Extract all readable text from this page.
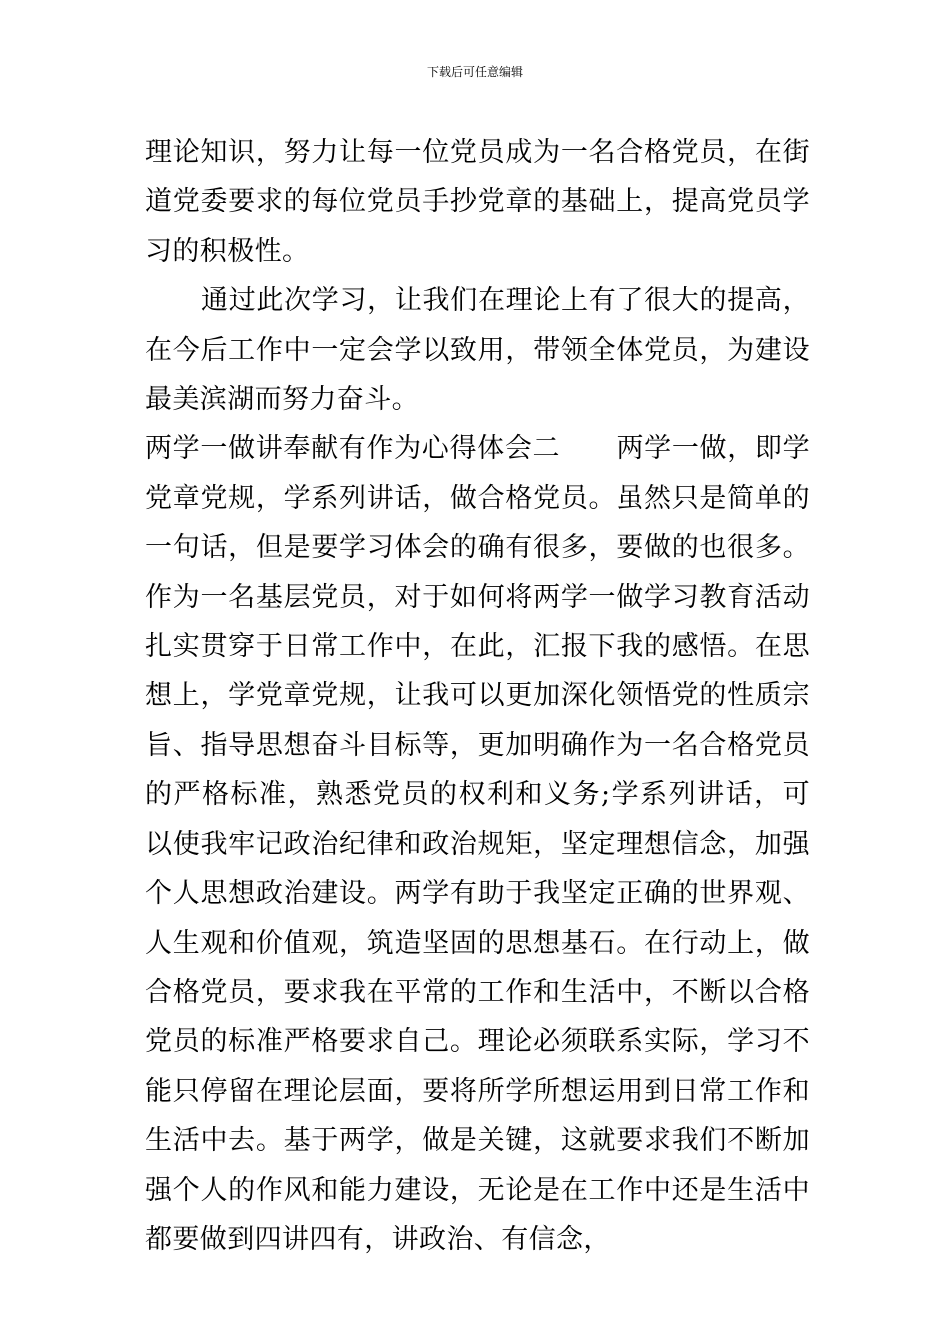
下载后可任意编辑

理论知识，努力让每一位党员成为一名合格党员，在街道党委要求的每位党员手抄党章的基础上，提高党员学习的积极性。

通过此次学习，让我们在理论上有了很大的提高，在今后工作中一定会学以致用，带领全体党员，为建设最美滨湖而努力奋斗。

两学一做讲奉献有作为心得体会二 两学一做，即学党章党规，学系列讲话，做合格党员。虽然只是简单的一句话，但是要学习体会的确有很多，要做的也很多。作为一名基层党员，对于如何将两学一做学习教育活动扎实贯穿于日常工作中，在此，汇报下我的感悟。在思想上，学党章党规，让我可以更加深化领悟党的性质宗旨、指导思想奋斗目标等，更加明确作为一名合格党员的严格标准，熟悉党员的权利和义务;学系列讲话，可以使我牢记政治纪律和政治规矩，坚定理想信念，加强个人思想政治建设。两学有助于我坚定正确的世界观、人生观和价值观，筑造坚固的思想基石。在行动上，做合格党员，要求我在平常的工作和生活中，不断以合格党员的标准严格要求自己。理论必须联系实际，学习不能只停留在理论层面，要将所学所想运用到日常工作和生活中去。基于两学，做是关键，这就要求我们不断加强个人的作风和能力建设，无论是在工作中还是生活中都要做到四讲四有，讲政治、有信念，
